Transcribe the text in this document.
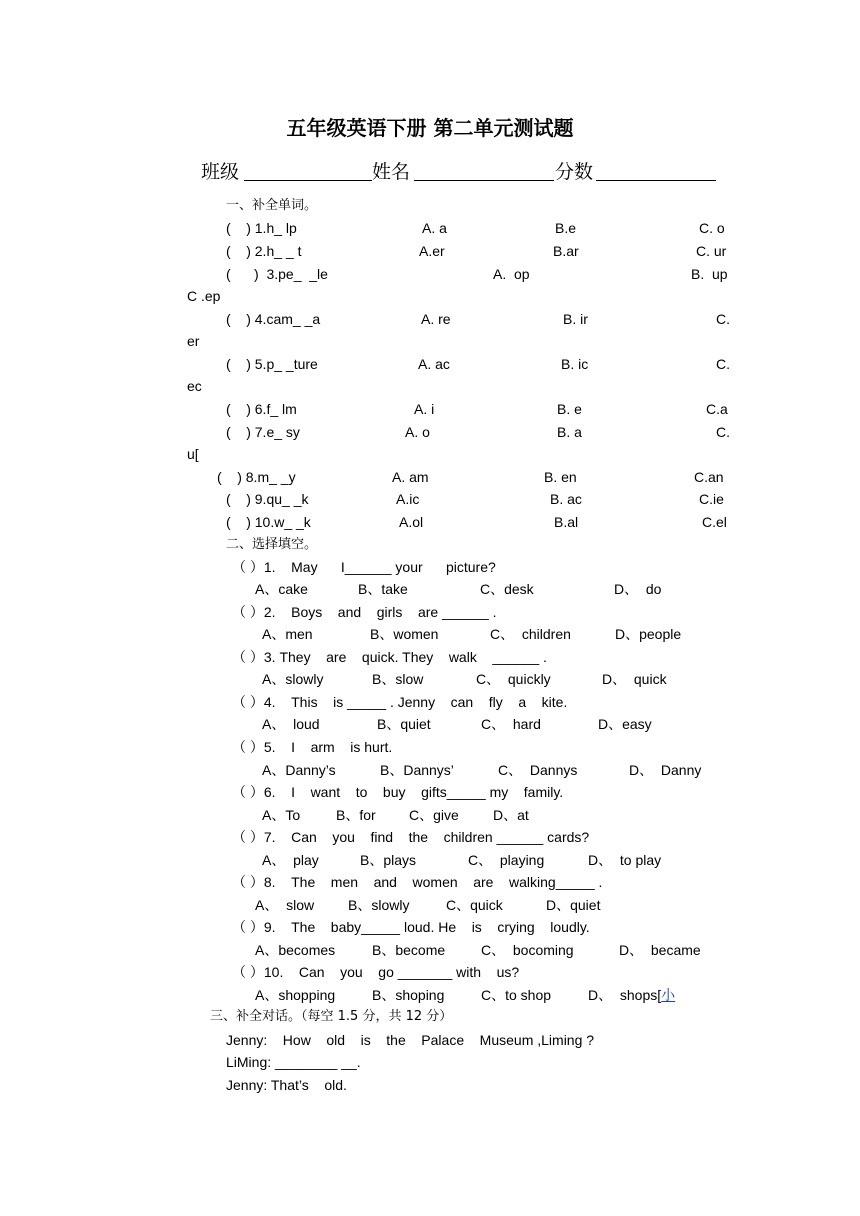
五年级英语下册 第二单元测试题
班级	姓名	分数
一、补全单词。
(    ) 1.h_ lp	A. a	B.e	C. o
(    ) 2.h_ _ t	A.er	B.ar	C. ur
(      )  3.pe_  _le	A.  op	B.  up
C .ep
(    ) 4.cam_ _a	A. re	B. ir	C.
er
(    ) 5.p_ _ture	A. ac	B. ic	C.
ec
(    ) 6.f_ lm	A. i	B. e	C.a
(    ) 7.e_ sy	A. o	B. a	C.
u[
(    ) 8.m_ _y	A. am	B. en	C.an
(    ) 9.qu_ _k	A.ic	B. ac	C.ie
(    ) 10.w_ _k	A.ol	B.al	C.el
二、选择填空。
（ ）1.    May      I______ your      picture?
A、cake	B、take	C、desk	D、  do
（ ）2.    Boys    and    girls    are ______ .
A、men	B、women	C、  children	D、people
（ ）3. They    are    quick. They    walk    ______ .
A、slowly	B、slow	C、  quickly	D、  quick
（ ）4.    This    is _____ . Jenny    can    fly    a    kite.
A、  loud	B、quiet	C、  hard	D、easy
（ ）5.    I    arm    is hurt.
A、Danny’s	B、Dannys’	C、  Dannys	D、  Danny
（ ）6.    I    want    to    buy    gifts_____ my    family.
A、To	B、for C、give D、at
（ ）7.    Can    you    find    the    children ______ cards?
A、  play	B、plays	C、  playing	D、  to play
（ ）8.    The    men    and    women    are    walking_____ .
A、  slow B、slowly	C、quick	D、quiet
（ ）9.    The    baby_____ loud. He    is    crying    loudly.
A、becomes	B、become	C、  bocoming	D、  became
（ ）10.    Can    you    go _______ with    us?
A、shopping	B、shoping	C、to shop	D、  shops[小
三、补全对话。（每空 1.5 分，共 12 分）
Jenny:    How    old    is    the    Palace    Museum ,Liming ?
LiMing: ________ __.
Jenny: That’s    old.
